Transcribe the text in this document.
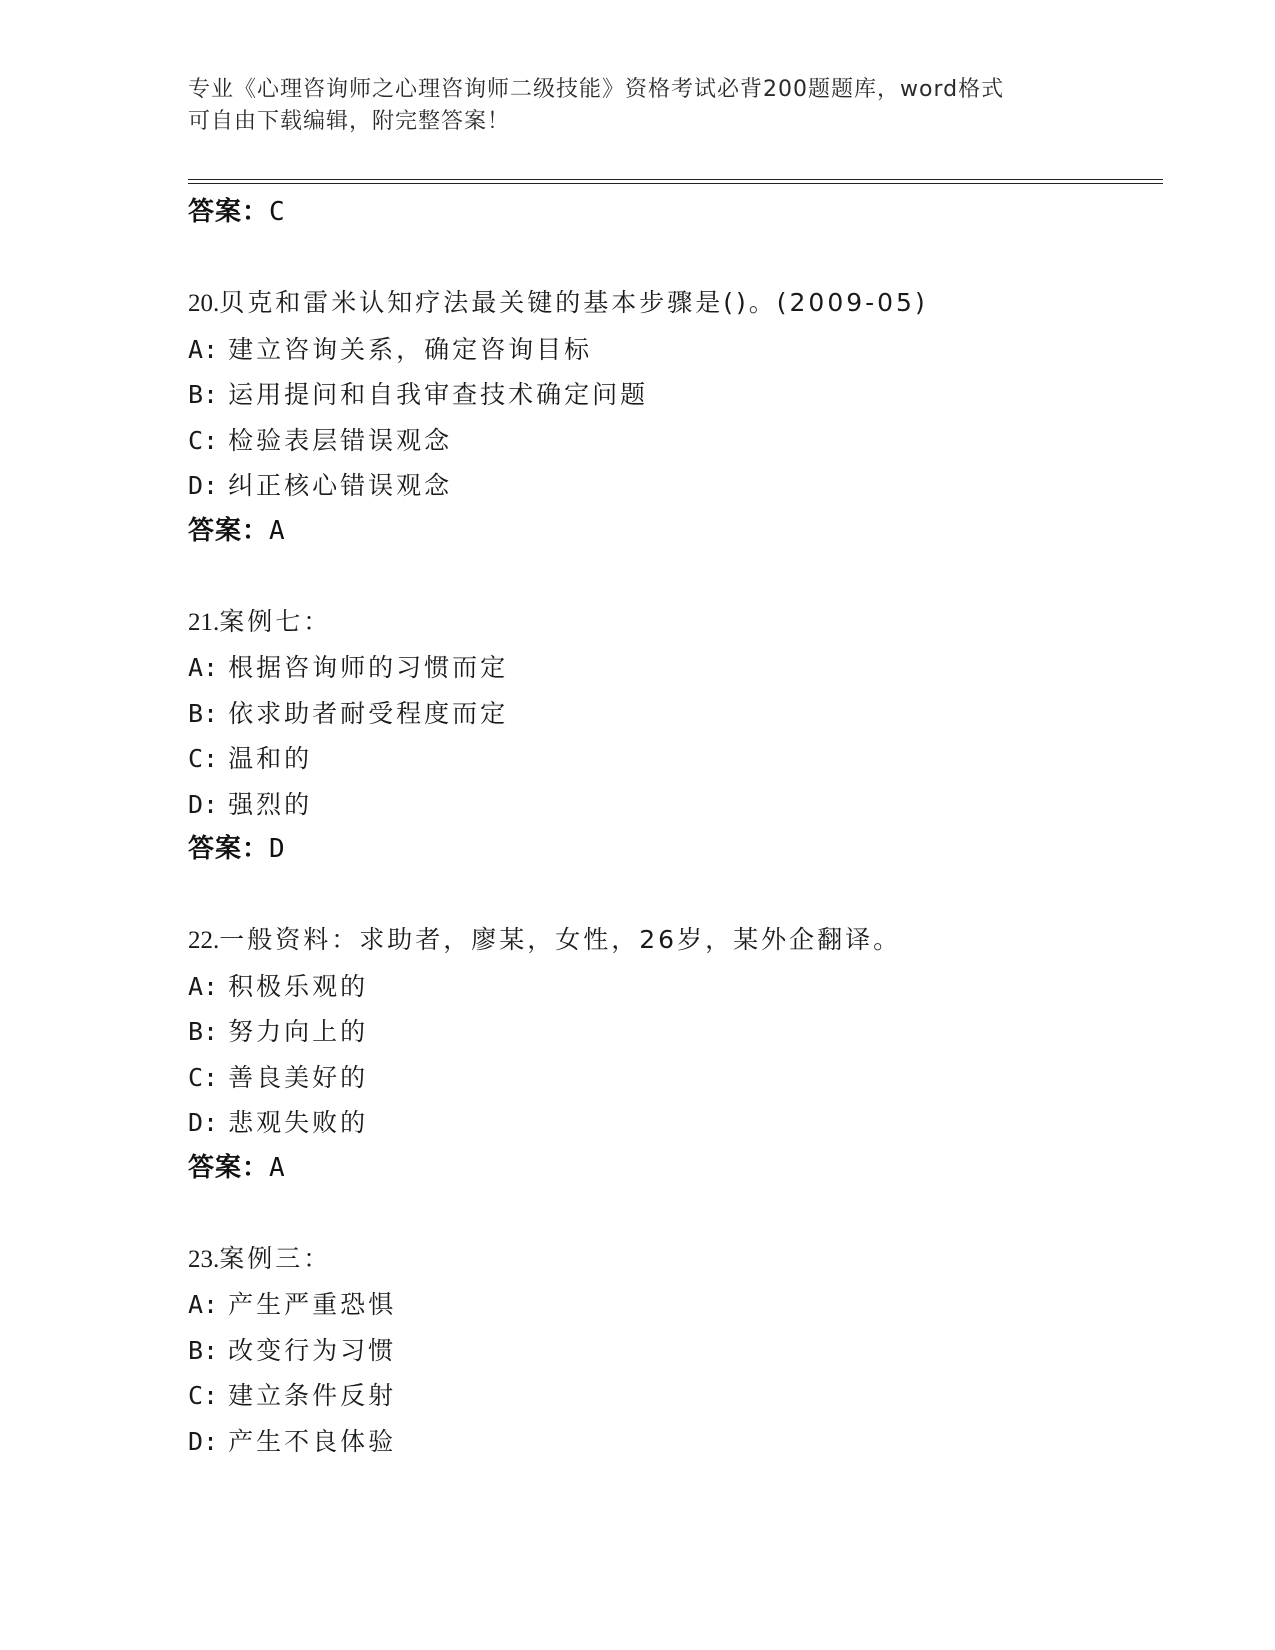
专业《心理咨询师之心理咨询师二级技能》资格考试必背200题题库，word格式
可自由下载编辑，附完整答案！
答案：C
20.贝克和雷米认知疗法最关键的基本步骤是()。(2009-05)
A: 建立咨询关系，确定咨询目标
B: 运用提问和自我审查技术确定问题
C: 检验表层错误观念
D: 纠正核心错误观念
答案：A
21.案例七：
A: 根据咨询师的习惯而定
B: 依求助者耐受程度而定
C: 温和的
D: 强烈的
答案：D
22.一般资料：求助者，廖某，女性，26岁，某外企翻译。
A: 积极乐观的
B: 努力向上的
C: 善良美好的
D: 悲观失败的
答案：A
23.案例三：
A: 产生严重恐惧
B: 改变行为习惯
C: 建立条件反射
D: 产生不良体验
